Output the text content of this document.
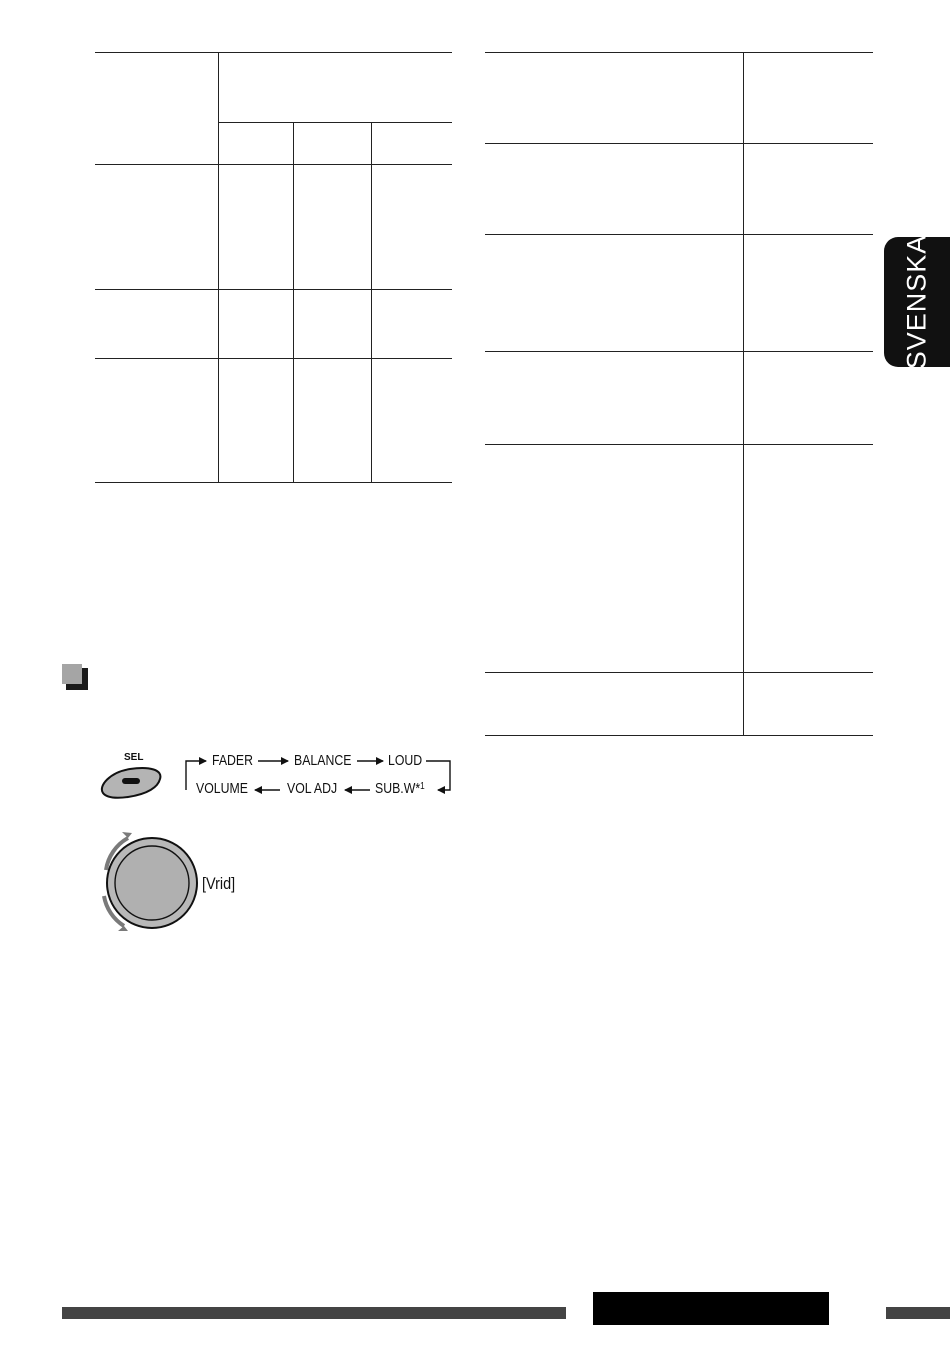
SVENSKA
SEL	FADER	BALANCE LOUD
VOLUME	VOL ADJ	SUB.W*$^1$
[Vrid]
